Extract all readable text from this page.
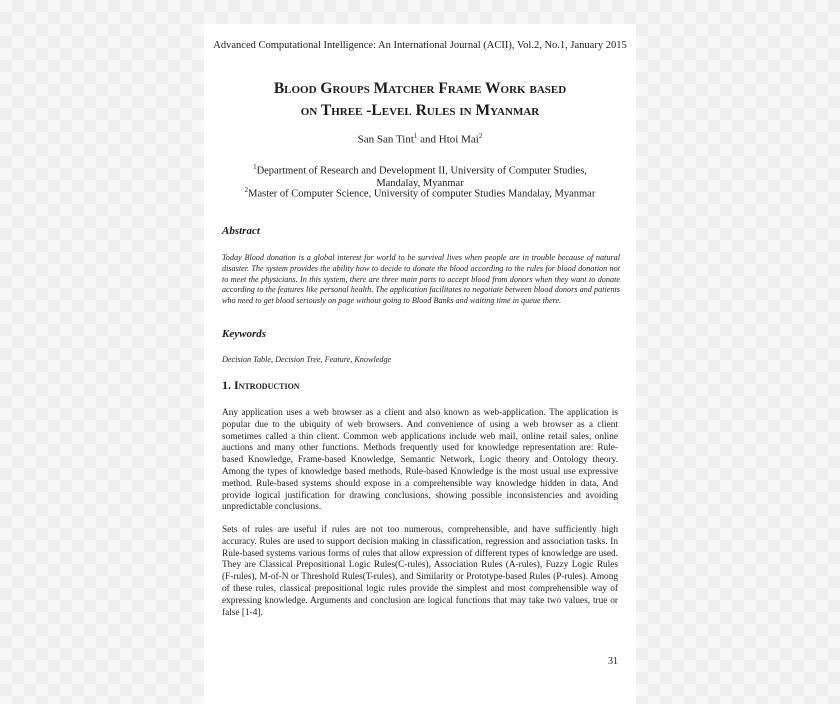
Advanced Computational Intelligence: An International Journal (ACII), Vol.2, No.1, January 2015
Blood Groups Matcher Frame Work based
on Three -Level Rules in Myanmar
San San Tint$^1$ and Htoi Mai$^2$
$^1$Department of Research and Development II, University of Computer Studies,
Mandalay, Myanmar
$^2$Master of Computer Science, University of computer Studies Mandalay, Myanmar
Abstract
Today Blood donation is a global interest for world to be survival lives when people are in trouble because of natural disaster. The system provides the ability how to decide to donate the blood according to the rules for blood donation not to meet the physicians. In this system, there are three main parts to accept blood from donors when they want to donate according to the features like personal health. The application facilitates to negotiate between blood donors and patients who need to get blood seriously on page without going to Blood Banks and waiting time in queue there.
Keywords
Decision Table, Decision Tree, Feature, Knowledge
1. Introduction
Any application uses a web browser as a client and also known as web-application. The application is popular due to the ubiquity of web browsers. And convenience of using a web browser as a client sometimes called a thin client. Common web applications include web mail, online retail sales, online auctions and many other functions. Methods frequently used for knowledge representation are: Rule-based Knowledge, Frame-based Knowledge, Semantic Network, Logic theory and Ontology theory. Among the types of knowledge based methods, Rule-based Knowledge is the most usual use expressive method. Rule-based systems should expose in a comprehensible way knowledge hidden in data, And provide logical justification for drawing conclusions, showing possible inconsistencies and avoiding unpredictable conclusions.
Sets of rules are useful if rules are not too numerous, comprehensible, and have sufficiently high accuracy. Rules are used to support decision making in classification, regression and association tasks. In Rule-based systems various forms of rules that allow expression of different types of knowledge are used. They are Classical Prepositional Logic Rules(C-rules), Association Rules (A-rules), Fuzzy Logic Rules (F-rules), M-of-N or Threshold Rules(T-rules), and Similarity or Prototype-based Rules (P-rules). Among of these rules, classical prepositional logic rules provide the simplest and most comprehensible way of expressing knowledge. Arguments and conclusion are logical functions that may take two values, true or false [1-4].
31
